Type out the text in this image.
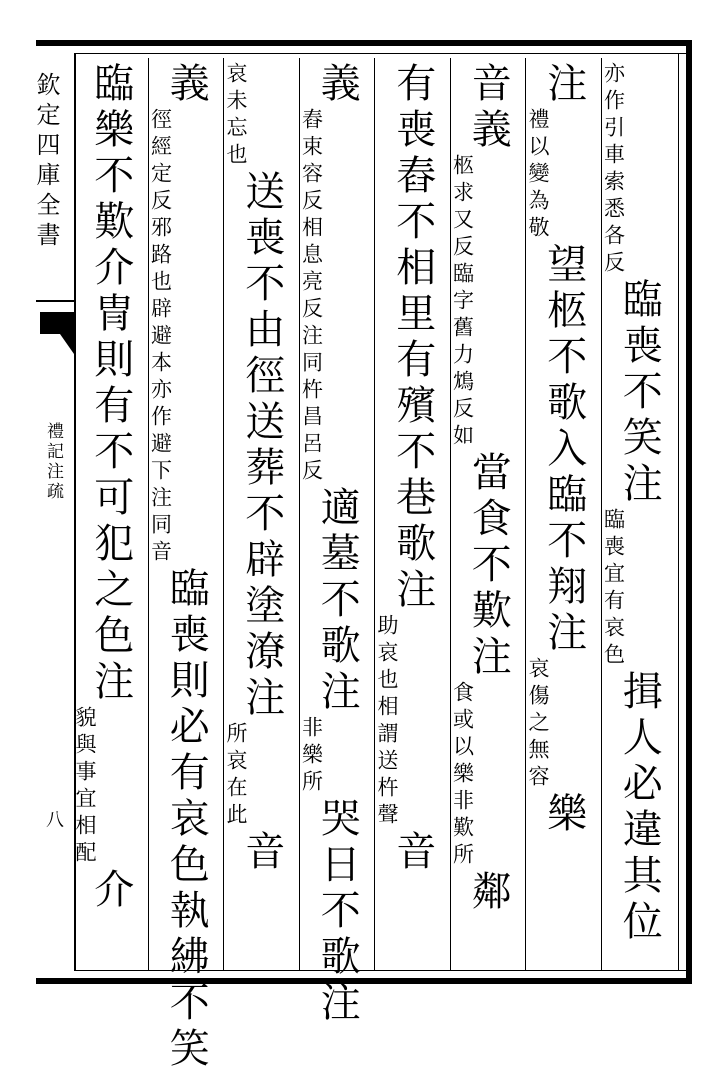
欽定四庫全書
禮記注疏
八
亦作引車索悉各反
臨喪不笑
注
臨喪宜有哀色
揖人必違其位
注
禮以變為敬
望柩不歌入臨不翔
注
哀傷之無容
樂
音義
柩求又反臨字舊力鴆反
如
當食不歎
注
食或以樂非歎所
鄰
有喪舂不相里有殯不巷歌
注
助哀也相謂送杵聲
音
義
舂束容反相息亮反注同杵昌呂反
適墓不歌
注
非樂所
哭日不歌
注
哀未忘也
送喪不由徑送葬不辟塗潦
注
所哀在此
音
義
徑經定反邪路也辟避本亦作避下注同
音
臨喪則必有哀色執紼不笑
臨樂不歎介冑則有不可犯之色
注
貌與事宜相配
介
